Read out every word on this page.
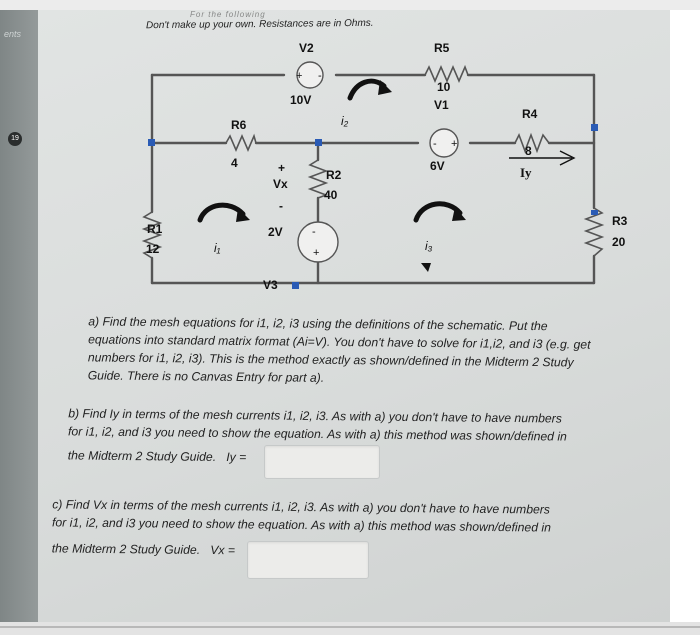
ents
19
For the following
Don't make up your own. Resistances are in Ohms.
V2
10V
+ -
R5
10
V1
6V
+
-
R4
8
Iy
R6
4
R2
40
+
Vx
-
2V
V3
-
+
R1
12
R3
20
i₂
i₁	i₃

a) Find the mesh equations for i1, i2, i3 using the definitions of the schematic. Put the

equations into standard matrix format (Ai=V). You don't have to solve for i1,i2, and i3 (e.g. get

numbers for i1, i2, i3). This is the method exactly as shown/defined in the Midterm 2 Study

Guide. There is no Canvas Entry for part a).

b) Find Iy in terms of the mesh currents i1, i2, i3. As with a) you don't have to have numbers

for i1, i2, and i3 you need to show the equation. As with a) this method was shown/defined in

the Midterm 2 Study Guide. Iy =

c) Find Vx in terms of the mesh currents i1, i2, i3. As with a) you don't have to have numbers

for i1, i2, and i3 you need to show the equation. As with a) this method was shown/defined in

the Midterm 2 Study Guide. Vx =
